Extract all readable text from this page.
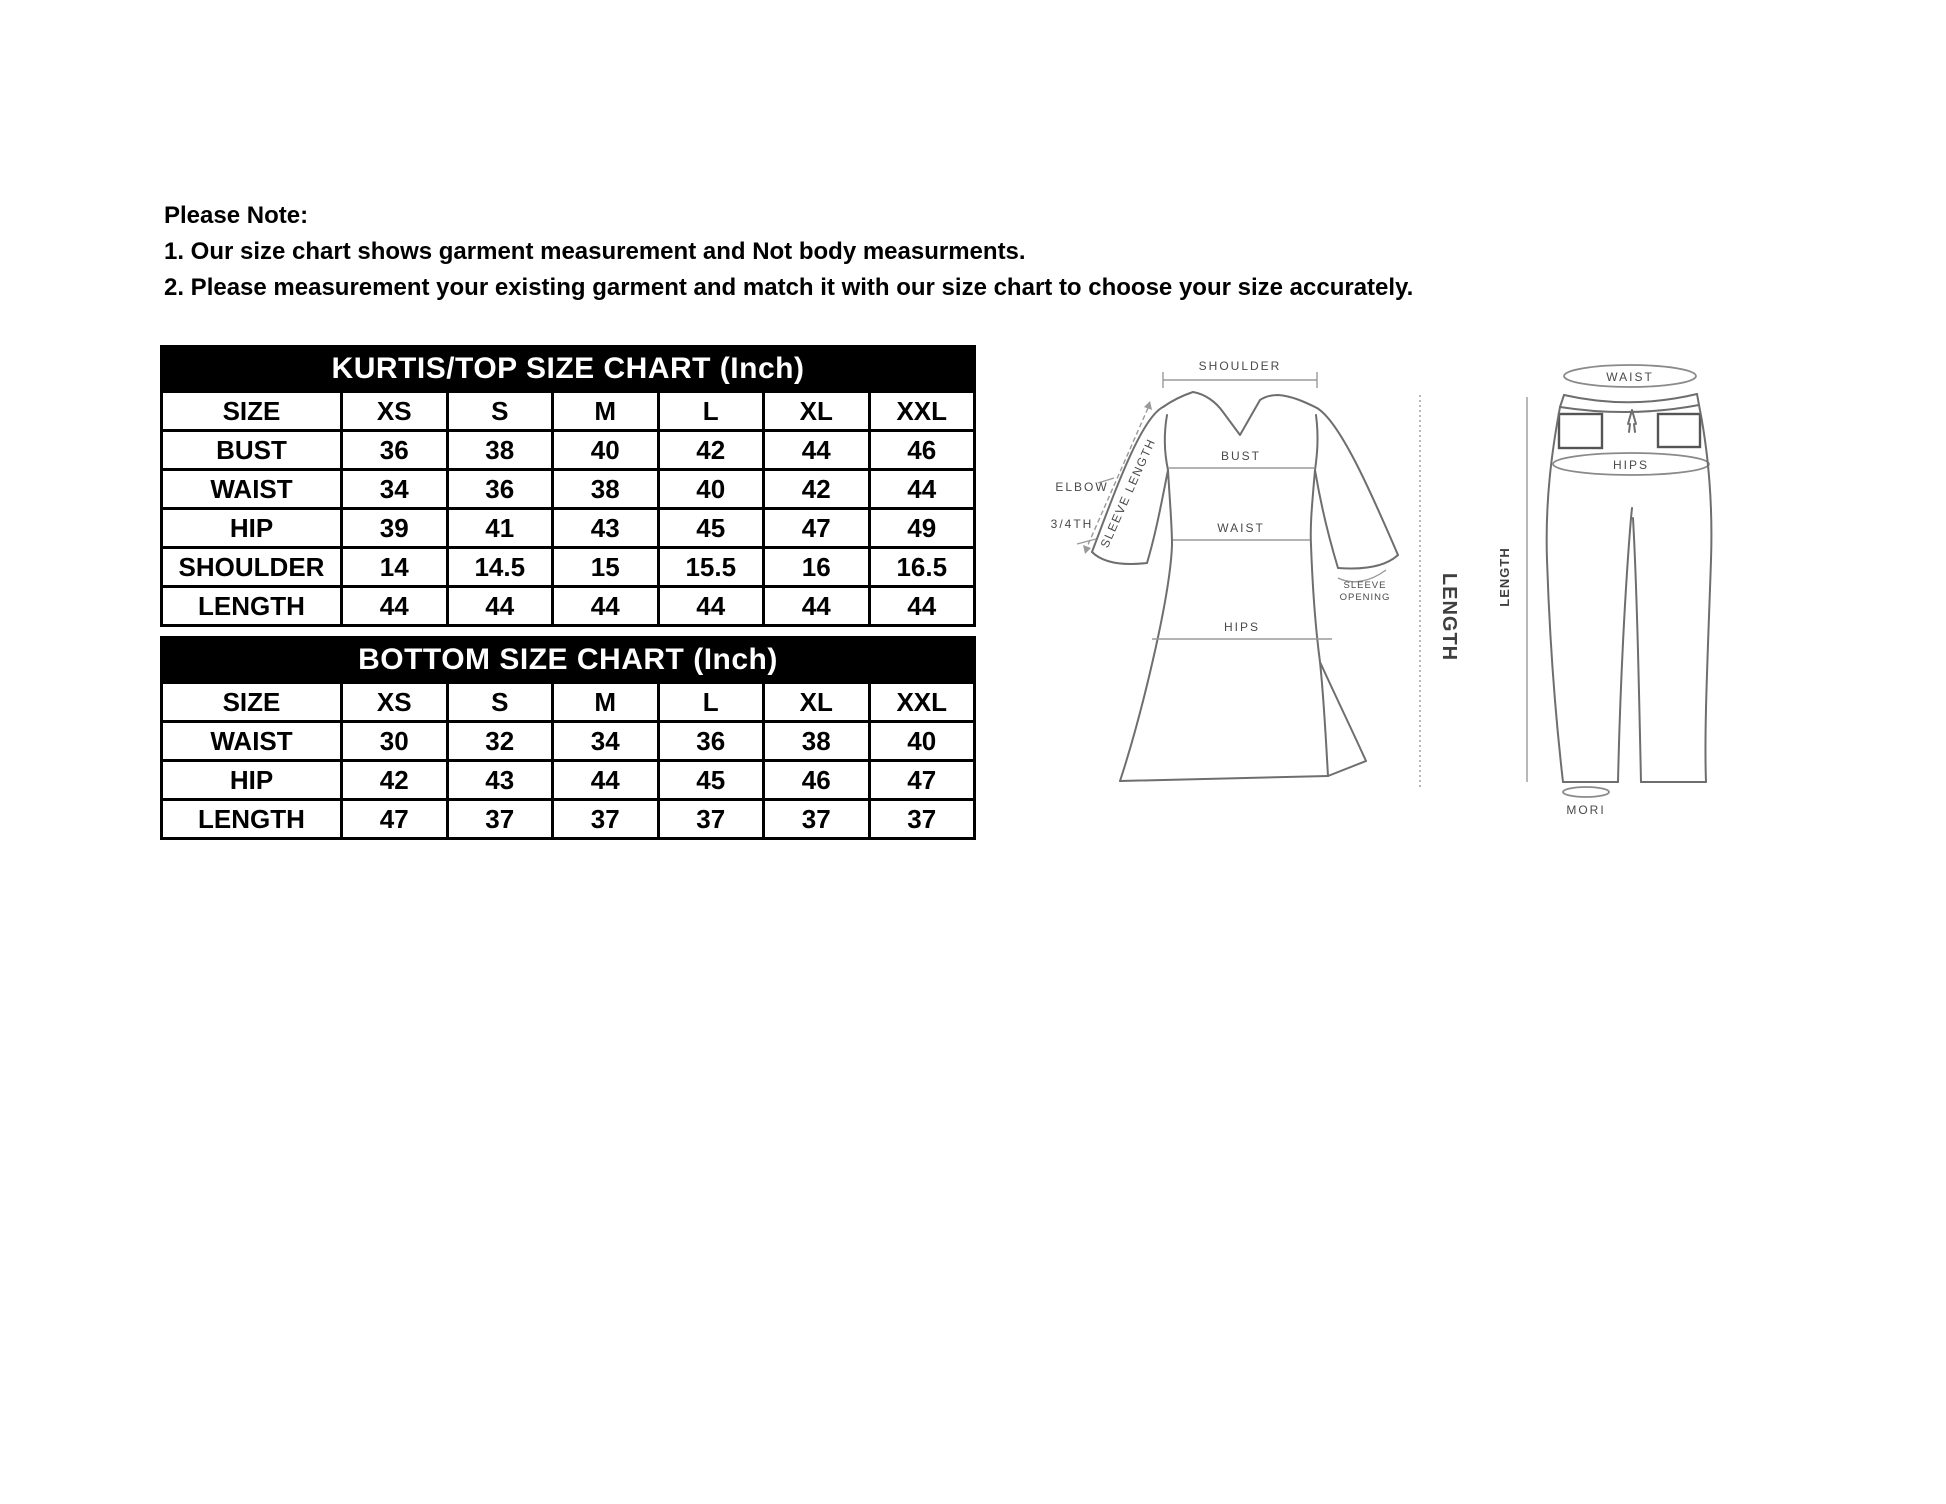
Please Note:
1. Our size chart shows garment measurement and Not body measurments.
2. Please measurement your existing garment and match it with our size chart to choose your size accurately.
KURTIS/TOP SIZE CHART (Inch)						
SIZE	XS	S	M	L	XL	XXL
BUST	36	38	40	42	44	46
WAIST	34	36	38	40	42	44
HIP	39	41	43	45	47	49
SHOULDER	14	14.5	15	15.5	16	16.5
LENGTH	44	44	44	44	44	44
BOTTOM SIZE CHART (Inch)						
SIZE	XS	S	M	L	XL	XXL
WAIST	30	32	34	36	38	40
HIP	42	43	44	45	46	47
LENGTH	47	37	37	37	37	37
SHOULDER
BUST
WAIST
HIPS
ELBOW
3/4TH SLEEVE LENGTH
SLEEVE
OPENING LENGTH
WAIST
HIPS
MORI
LENGTH
